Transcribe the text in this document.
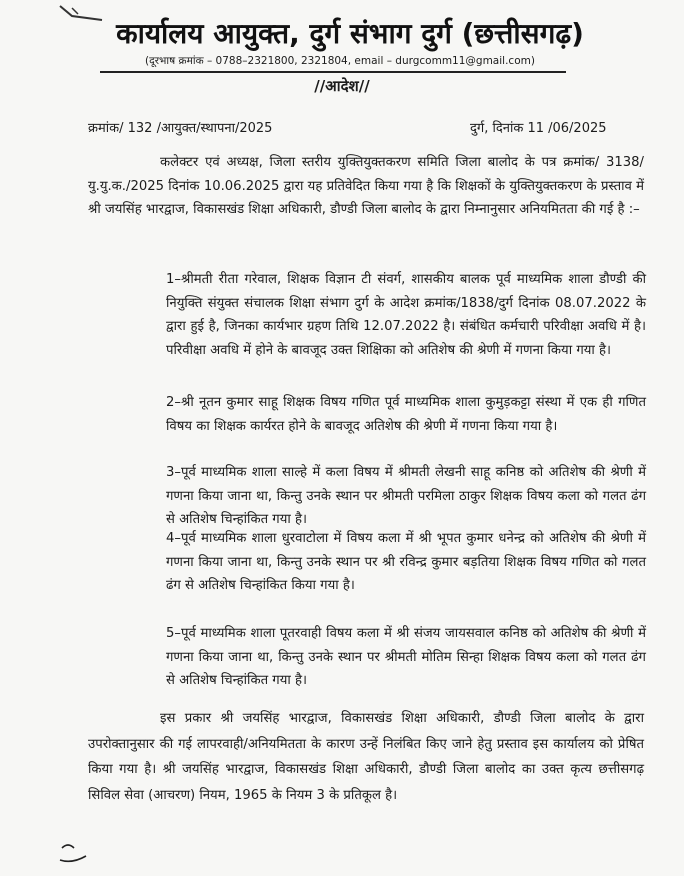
कार्यालय आयुक्त, दुर्ग संभाग दुर्ग (छत्तीसगढ़)
(दूरभाष क्रमांक – 0788–2321800, 2321804, email – durgcomm11@gmail.com)
//आदेश//
क्रमांक/ 132 /आयुक्त/स्थापना/2025	दुर्ग, दिनांक 11 /06/2025
कलेक्टर एवं अध्यक्ष, जिला स्तरीय युक्तियुक्तकरण समिति जिला बालोद के पत्र क्रमांक/ 3138/यु.यु.क./2025 दिनांक 10.06.2025 द्वारा यह प्रतिवेदित किया गया है कि शिक्षकों के युक्तियुक्तकरण के प्रस्ताव में श्री जयसिंह भारद्वाज, विकासखंड शिक्षा अधिकारी, डौण्डी जिला बालोद के द्वारा निम्नानुसार अनियमितता की गई है :–
1–श्रीमती रीता गरेवाल, शिक्षक विज्ञान टी संवर्ग, शासकीय बालक पूर्व माध्यमिक शाला डौण्डी की नियुक्ति संयुक्त संचालक शिक्षा संभाग दुर्ग के आदेश क्रमांक/1838/दुर्ग दिनांक 08.07.2022 के द्वारा हुई है, जिनका कार्यभार ग्रहण तिथि 12.07.2022 है। संबंधित कर्मचारी परिवीक्षा अवधि में है। परिवीक्षा अवधि में होने के बावजूद उक्त शिक्षिका को अतिशेष की श्रेणी में गणना किया गया है।
2–श्री नूतन कुमार साहू शिक्षक विषय गणित पूर्व माध्यमिक शाला कुमुड़कट्टा संस्था में एक ही गणित विषय का शिक्षक कार्यरत होने के बावजूद अतिशेष की श्रेणी में गणना किया गया है।
3–पूर्व माध्यमिक शाला साल्हे में कला विषय में श्रीमती लेखनी साहू कनिष्ठ को अतिशेष की श्रेणी में गणना किया जाना था, किन्तु उनके स्थान पर श्रीमती परमिला ठाकुर शिक्षक विषय कला को गलत ढंग से अतिशेष चिन्हांकित गया है।
4–पूर्व माध्यमिक शाला धुरवाटोला में विषय कला में श्री भूपत कुमार धनेन्द्र को अतिशेष की श्रेणी में गणना किया जाना था, किन्तु उनके स्थान पर श्री रविन्द्र कुमार बड़तिया शिक्षक विषय गणित को गलत ढंग से अतिशेष चिन्हांकित किया गया है।
5–पूर्व माध्यमिक शाला पूतरवाही विषय कला में श्री संजय जायसवाल कनिष्ठ को अतिशेष की श्रेणी में गणना किया जाना था, किन्तु उनके स्थान पर श्रीमती मोतिम सिन्हा शिक्षक विषय कला को गलत ढंग से अतिशेष चिन्हांकित गया है।
इस प्रकार श्री जयसिंह भारद्वाज, विकासखंड शिक्षा अधिकारी, डौण्डी जिला बालोद के द्वारा उपरोक्तानुसार की गई लापरवाही/अनियमितता के कारण उन्हें निलंबित किए जाने हेतु प्रस्ताव इस कार्यालय को प्रेषित किया गया है। श्री जयसिंह भारद्वाज, विकासखंड शिक्षा अधिकारी, डौण्डी जिला बालोद का उक्त कृत्य छत्तीसगढ़ सिविल सेवा (आचरण) नियम, 1965 के नियम 3 के प्रतिकूल है।
